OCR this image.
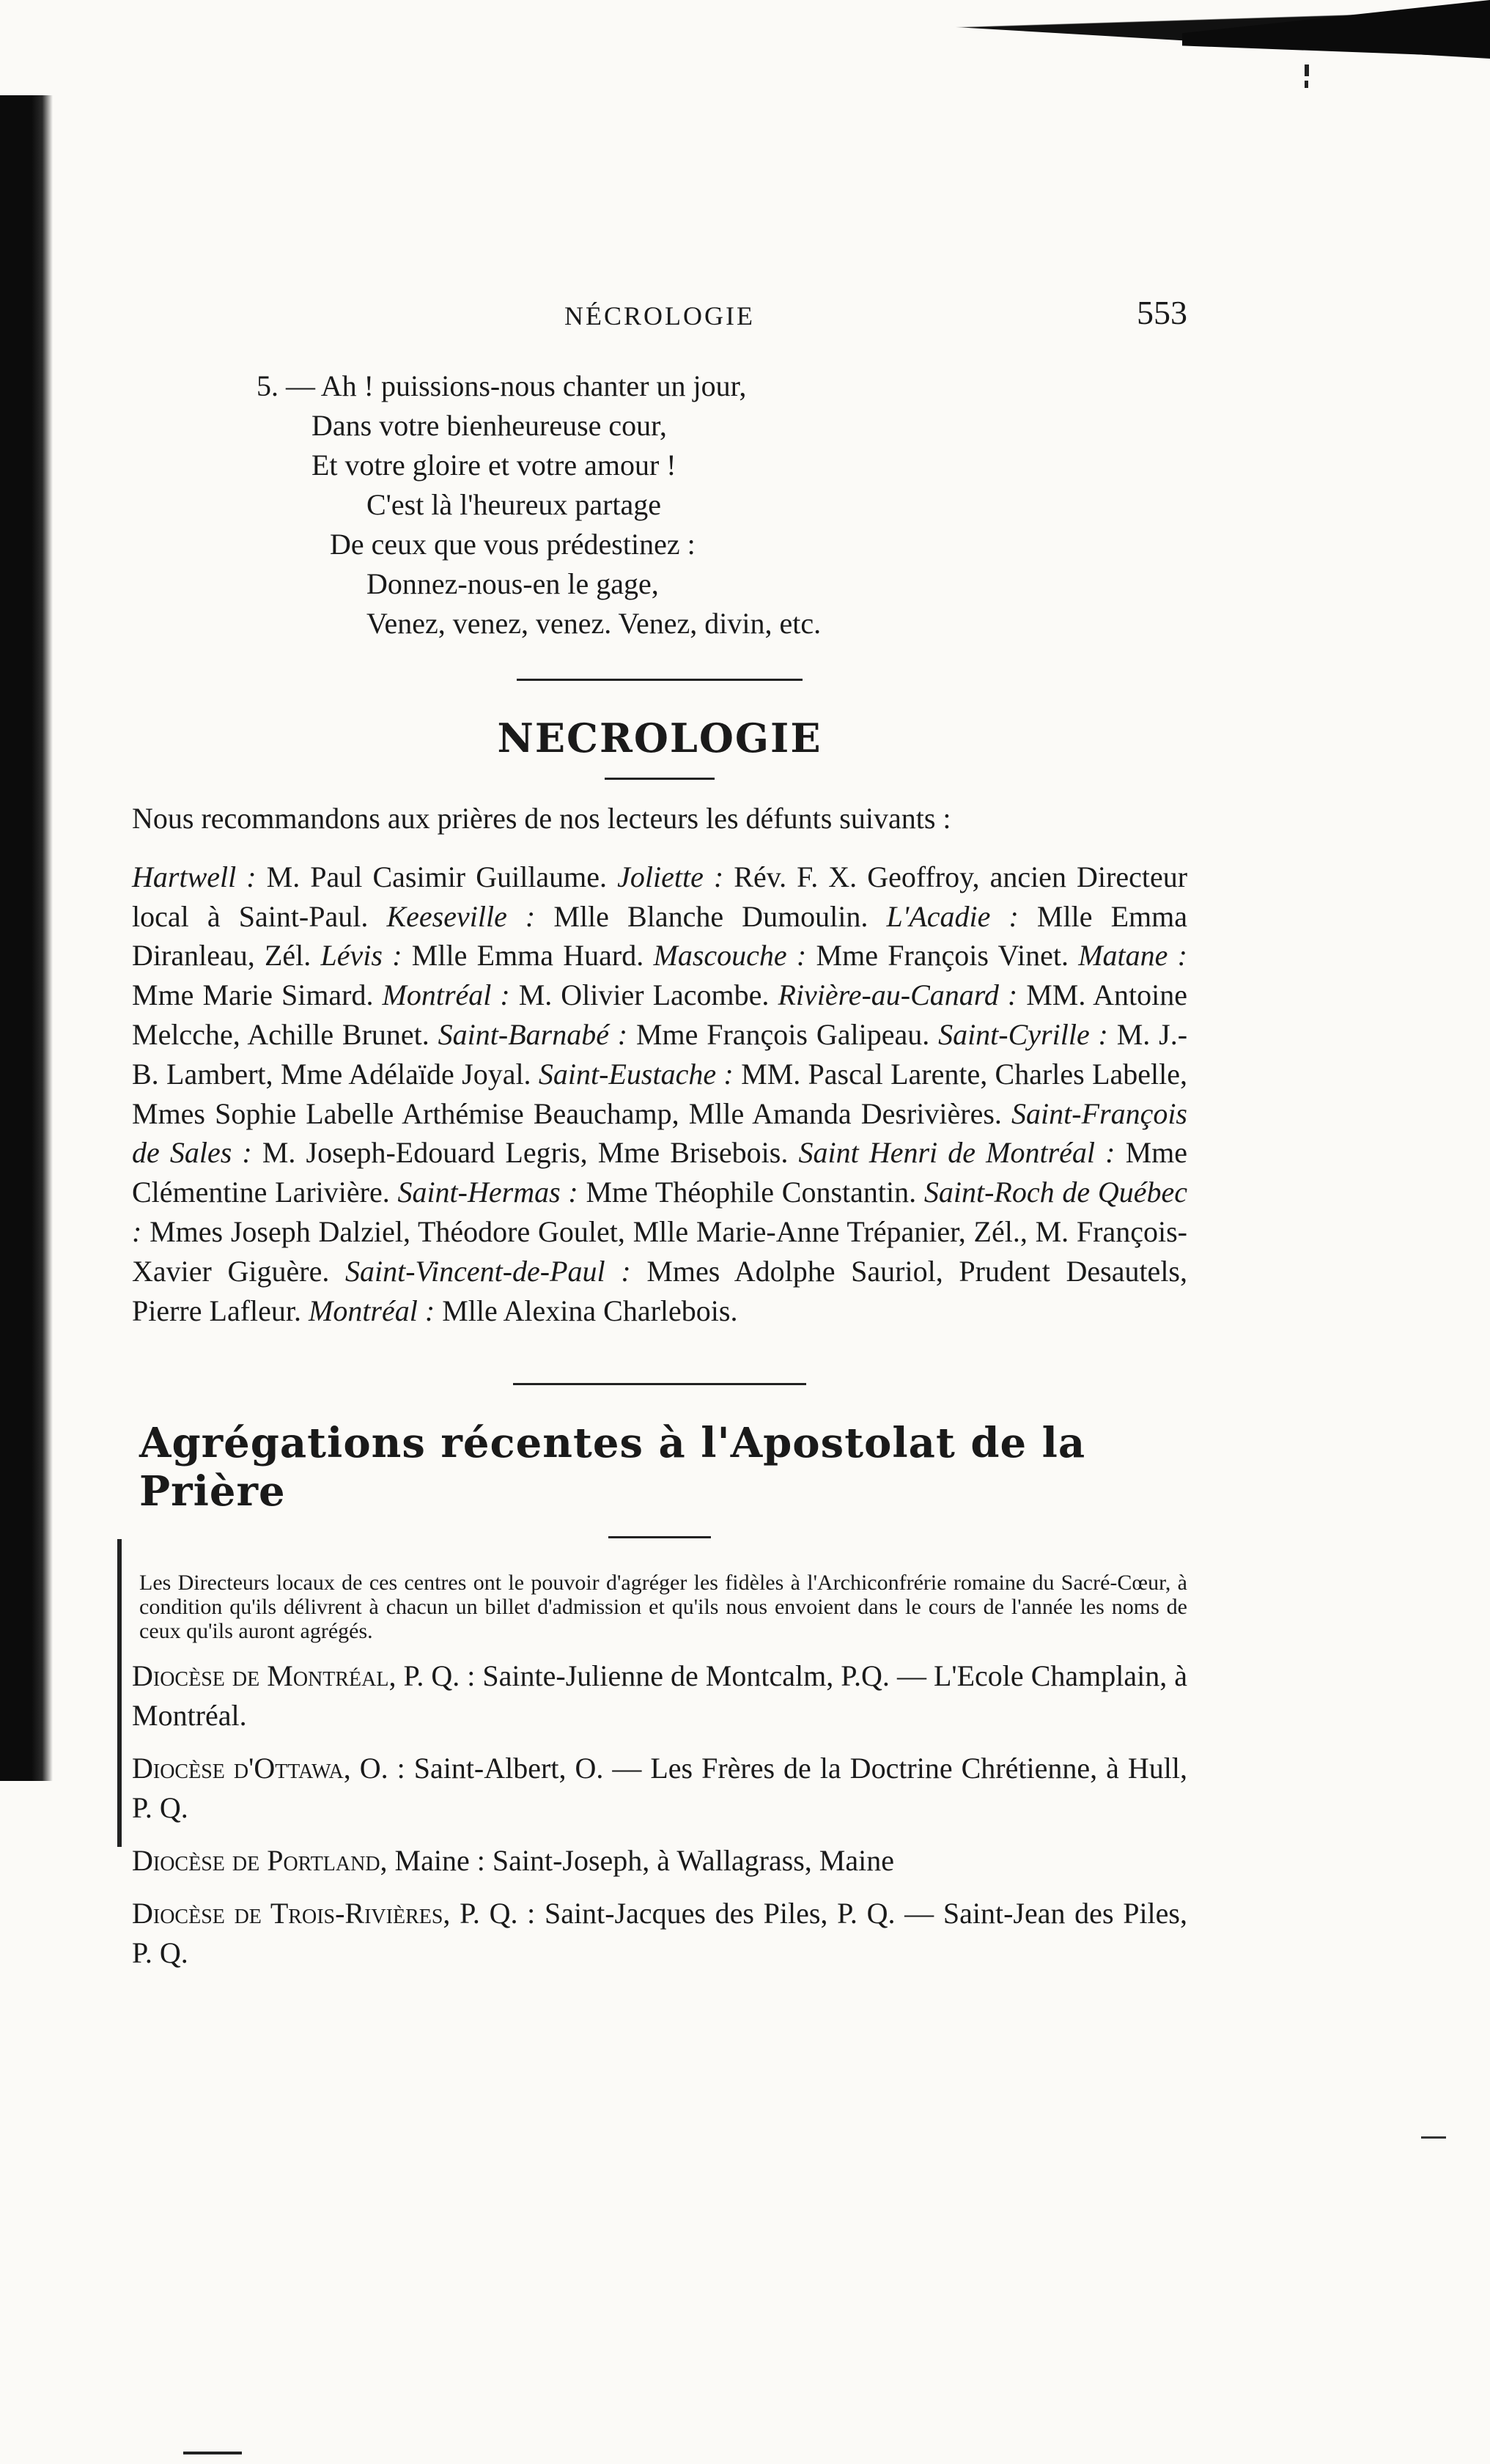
NÉCROLOGIE	553
5. — Ah ! puissions-nous chanter un jour,
Dans votre bienheureuse cour,
Et votre gloire et votre amour !
C'est là l'heureux partage
De ceux que vous prédestinez :
Donnez-nous-en le gage,
Venez, venez, venez. Venez, divin, etc.
NECROLOGIE
Nous recommandons aux prières de nos lecteurs les défunts suivants :
Hartwell : M. Paul Casimir Guillaume. Joliette : Rév. F. X. Geoffroy, ancien Directeur local à Saint-Paul. Keeseville : Mlle Blanche Dumoulin. L'Acadie : Mlle Emma Diranleau, Zél. Lévis : Mlle Emma Huard. Mascouche : Mme François Vinet. Matane : Mme Marie Simard. Montréal : M. Olivier Lacombe. Rivière-au-Canard : MM. Antoine Melcche, Achille Brunet. Saint-Barnabé : Mme François Galipeau. Saint-Cyrille : M. J.-B. Lambert, Mme Adélaïde Joyal. Saint-Eustache : MM. Pascal Larente, Charles Labelle, Mmes Sophie Labelle Arthémise Beauchamp, Mlle Amanda Desrivières. Saint-François de Sales : M. Joseph-Edouard Legris, Mme Brisebois. Saint Henri de Montréal : Mme Clémentine Larivière. Saint-Hermas : Mme Théophile Constantin. Saint-Roch de Québec : Mmes Joseph Dalziel, Théodore Goulet, Mlle Marie-Anne Trépanier, Zél., M. François-Xavier Giguère. Saint-Vincent-de-Paul : Mmes Adolphe Sauriol, Prudent Desautels, Pierre Lafleur. Montréal : Mlle Alexina Charlebois.
Agrégations récentes à l'Apostolat de la Prière
Les Directeurs locaux de ces centres ont le pouvoir d'agréger les fidèles à l'Archiconfrérie romaine du Sacré-Cœur, à condition qu'ils délivrent à chacun un billet d'admission et qu'ils nous envoient dans le cours de l'année les noms de ceux qu'ils auront agrégés.
Diocèse de Montréal, P. Q. : Sainte-Julienne de Montcalm, P.Q. — L'Ecole Champlain, à Montréal.
Diocèse d'Ottawa, O. : Saint-Albert, O. — Les Frères de la Doctrine Chrétienne, à Hull, P. Q.
Diocèse de Portland, Maine : Saint-Joseph, à Wallagrass, Maine
Diocèse de Trois-Rivières, P. Q. : Saint-Jacques des Piles, P. Q. — Saint-Jean des Piles, P. Q.
